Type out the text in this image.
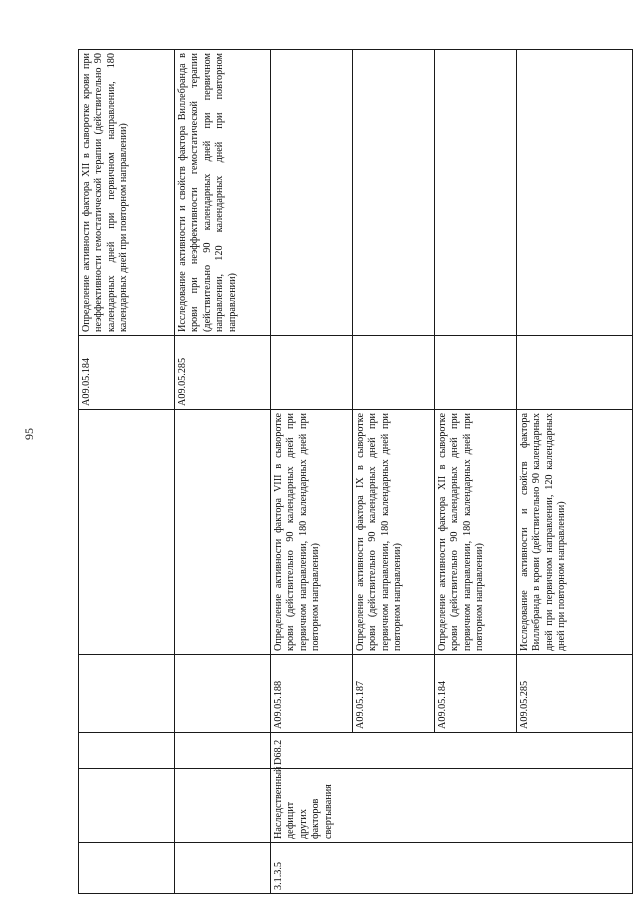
95
					A09.05.184	Определение активности фактора XII в сыворотке крови при неэффективности гемостатической терапии (действительно 90 календарных дней при первичном направлении, 180 календарных дней при повторном направлении)
					A09.05.285	Исследование активности и свойств фактора Виллебранда в крови при неэффективности гемостатической терапии (действительно 90 календарных дней при первичном направлении, 120 календарных дней при повторном направлении)
3.1.3.5	Наследственный дефицит других факторов свертывания	D68.2	A09.05.188	Определение активности фактора VIII в сыворотке крови (действительно 90 календарных дней при первичном направлении, 180 календарных дней при повторном направлении)		
			A09.05.187	Определение активности фактора IX в сыворотке крови (действительно 90 календарных дней при первичном направлении, 180 календарных дней при повторном направлении)		
			A09.05.184	Определение активности фактора XII в сыворотке крови (действительно 90 календарных дней при первичном направлении, 180 календарных дней при повторном направлении)		
			A09.05.285	Исследование активности и свойств фактора Виллебранда в крови (действительно 90 календарных дней при первичном направлении, 120 календарных дней при повторном направлении)		
